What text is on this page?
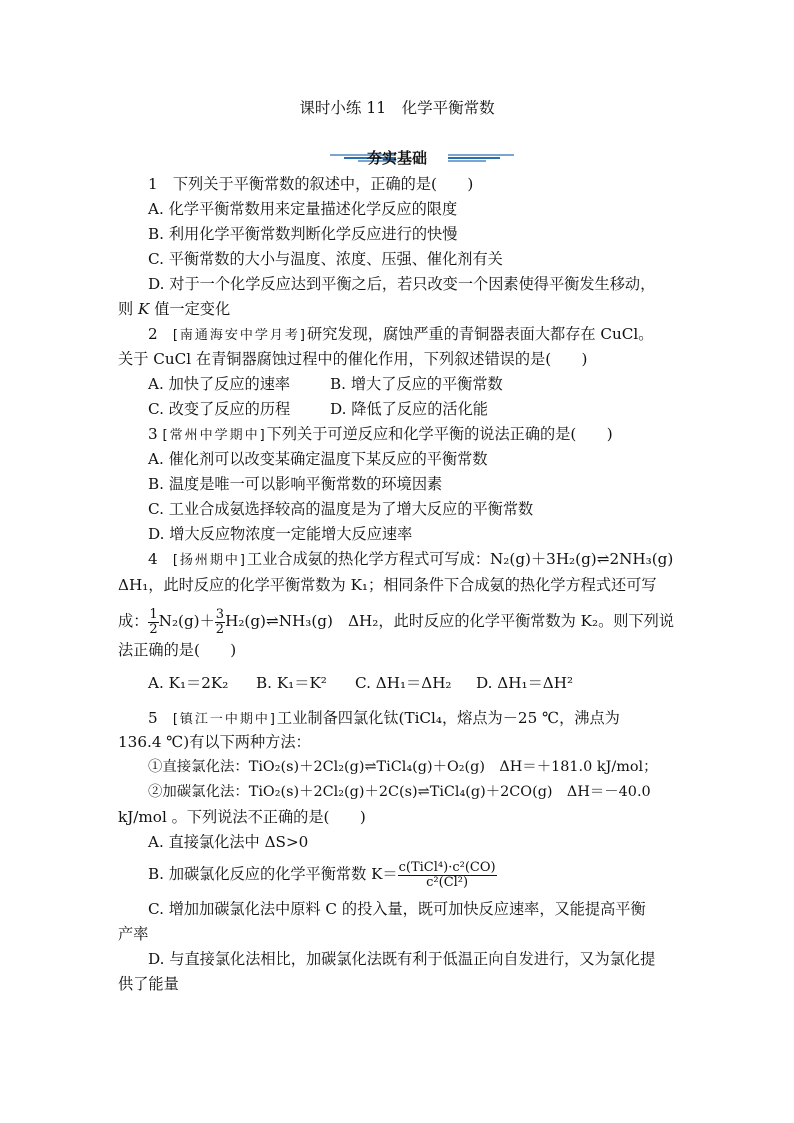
课时小练 11　化学平衡常数
夯实基础
1　下列关于平衡常数的叙述中，正确的是(　　)
A. 化学平衡常数用来定量描述化学反应的限度
B. 利用化学平衡常数判断化学反应进行的快慢
C. 平衡常数的大小与温度、浓度、压强、催化剂有关
D. 对于一个化学反应达到平衡之后，若只改变一个因素使得平衡发生移动，
则 K 值一定变化
2　[南通海安中学月考]研究发现，腐蚀严重的青铜器表面大都存在 CuCl。
关于 CuCl 在青铜器腐蚀过程中的催化作用，下列叙述错误的是(　　)
A. 加快了反应的速率	B. 增大了反应的平衡常数
C. 改变了反应的历程	D. 降低了反应的活化能
3 [常州中学期中]下列关于可逆反应和化学平衡的说法正确的是(　　)
A. 催化剂可以改变某确定温度下某反应的平衡常数
B. 温度是唯一可以影响平衡常数的环境因素
C. 工业合成氨选择较高的温度是为了增大反应的平衡常数
D. 增大反应物浓度一定能增大反应速率
4　[扬州期中]工业合成氨的热化学方程式可写成：N₂(g)＋3H₂(g)⇌2NH₃(g)
ΔH₁，此时反应的化学平衡常数为 K₁；相同条件下合成氨的热化学方程式还可写
成： $\frac{1}{2} N_2(g)+ \frac{3}{2}$ H₂(g)⇌NH₃(g)　ΔH₂，此时反应的化学平衡常数为 K₂。则下列说
法正确的是(　　)
A. K₁＝2K₂ B. K₁＝K² C. ΔH₁＝ΔH₂ D. ΔH₁＝ΔH²
5　[镇江一中期中]工业制备四氯化钛(TiCl₄，熔点为－25 ℃，沸点为
136.4 ℃)有以下两种方法：
①直接氯化法：TiO₂(s)＋2Cl₂(g)⇌TiCl₄(g)＋O₂(g)　ΔH＝＋181.0 kJ/mol；
②加碳氯化法：TiO₂(s)＋2Cl₂(g)＋2C(s)⇌TiCl₄(g)＋2CO(g)　ΔH＝－40.0
kJ/mol 。下列说法不正确的是(　　)
A. 直接氯化法中 ΔS>0
B. 加碳氯化反应的化学平衡常数 $K= \frac{\text{c(TiCl⁴)·c²(CO)}}{\text{c²(Cl²)}}$
C. 增加加碳氯化法中原料 C 的投入量，既可加快反应速率，又能提高平衡
产率
D. 与直接氯化法相比，加碳氯化法既有利于低温正向自发进行，又为氯化提
供了能量
